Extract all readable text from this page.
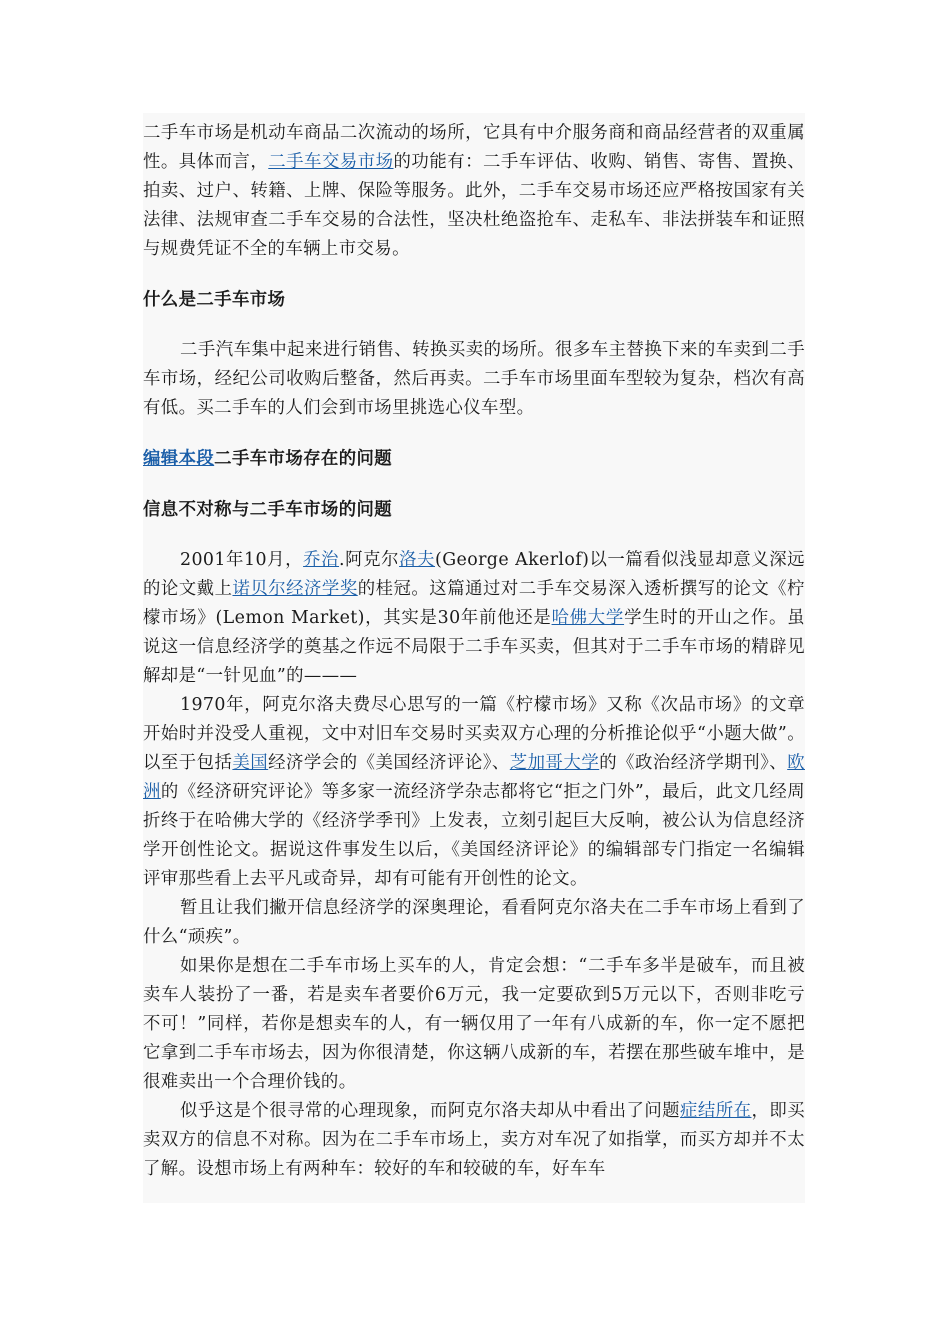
二手车市场是机动车商品二次流动的场所，它具有中介服务商和商品经营者的双重属性。具体而言，二手车交易市场的功能有：二手车评估、收购、销售、寄售、置换、拍卖、过户、转籍、上牌、保险等服务。此外，二手车交易市场还应严格按国家有关法律、法规审查二手车交易的合法性，坚决杜绝盗抢车、走私车、非法拼装车和证照与规费凭证不全的车辆上市交易。

什么是二手车市场

二手汽车集中起来进行销售、转换买卖的场所。很多车主替换下来的车卖到二手车市场，经纪公司收购后整备，然后再卖。二手车市场里面车型较为复杂，档次有高有低。买二手车的人们会到市场里挑选心仪车型。

编辑本段二手车市场存在的问题

信息不对称与二手车市场的问题

2001年10月，乔治.阿克尔洛夫(George Akerlof)以一篇看似浅显却意义深远的论文戴上诺贝尔经济学奖的桂冠。这篇通过对二手车交易深入透析撰写的论文《柠檬市场》(Lemon Market)，其实是30年前他还是哈佛大学学生时的开山之作。虽说这一信息经济学的奠基之作远不局限于二手车买卖，但其对于二手车市场的精辟见解却是“一针见血”的———

1970年，阿克尔洛夫费尽心思写的一篇《柠檬市场》又称《次品市场》的文章开始时并没受人重视，文中对旧车交易时买卖双方心理的分析推论似乎“小题大做”。以至于包括美国经济学会的《美国经济评论》、芝加哥大学的《政治经济学期刊》、欧洲的《经济研究评论》等多家一流经济学杂志都将它“拒之门外”，最后，此文几经周折终于在哈佛大学的《经济学季刊》上发表，立刻引起巨大反响，被公认为信息经济学开创性论文。据说这件事发生以后，《美国经济评论》的编辑部专门指定一名编辑评审那些看上去平凡或奇异，却有可能有开创性的论文。

暂且让我们撇开信息经济学的深奥理论，看看阿克尔洛夫在二手车市场上看到了什么“顽疾”。

如果你是想在二手车市场上买车的人，肯定会想：“二手车多半是破车，而且被卖车人装扮了一番，若是卖车者要价6万元，我一定要砍到5万元以下，否则非吃亏不可！”同样，若你是想卖车的人，有一辆仅用了一年有八成新的车，你一定不愿把它拿到二手车市场去，因为你很清楚，你这辆八成新的车，若摆在那些破车堆中，是很难卖出一个合理价钱的。

似乎这是个很寻常的心理现象，而阿克尔洛夫却从中看出了问题症结所在，即买卖双方的信息不对称。因为在二手车市场上，卖方对车况了如指掌，而买方却并不太了解。设想市场上有两种车：较好的车和较破的车，好车车
